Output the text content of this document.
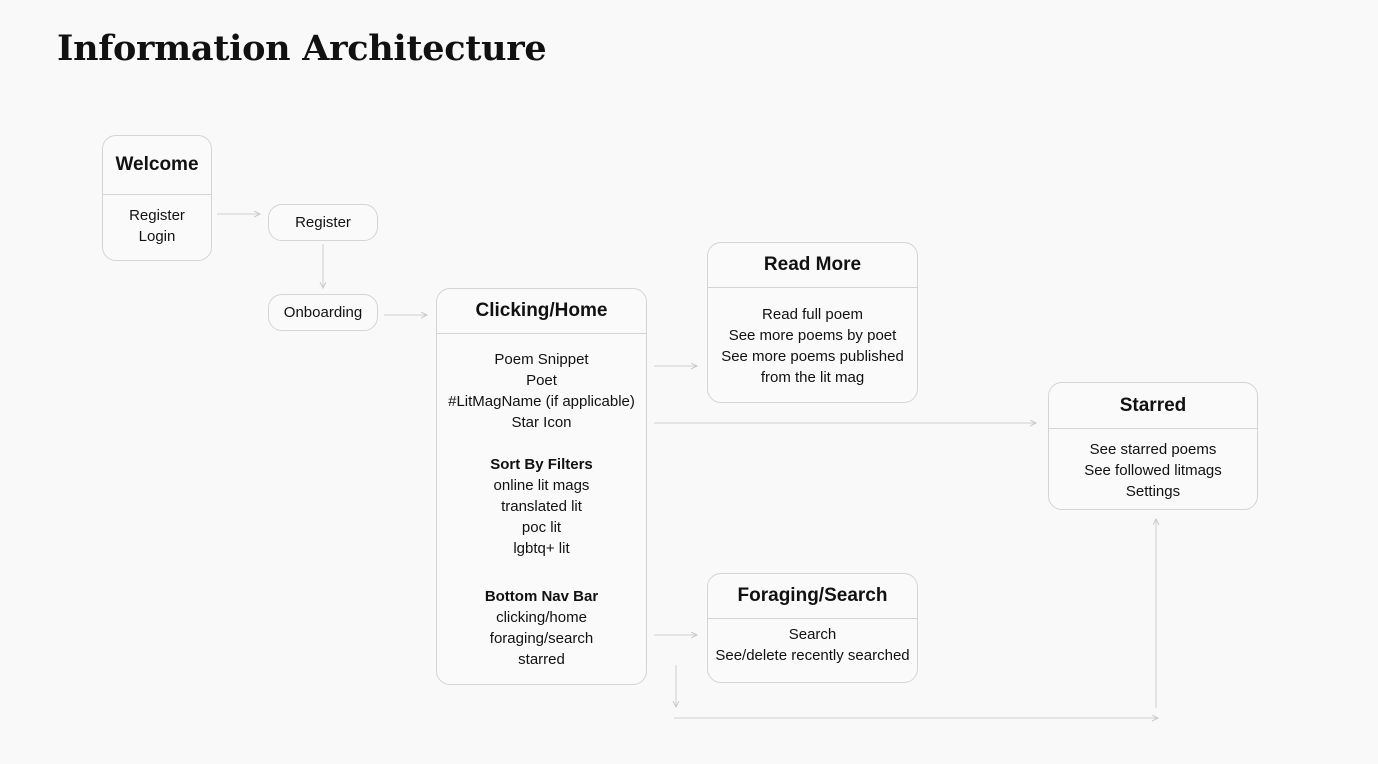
Information Architecture
Welcome
Register
Login
Register
Onboarding	Clicking/Home
Poem Snippet
Poet
#LitMagName (if applicable)
Star Icon
Sort By Filters
online lit mags
translated lit
poc lit
lgbtq+ lit
Bottom Nav Bar
clicking/home
foraging/search
starred
Read More
Read full poem
See more poems by poet
See more poems published
from the lit mag
Starred
See starred poems
See followed litmags
Settings
Foraging/Search
Search
See/delete recently searched
